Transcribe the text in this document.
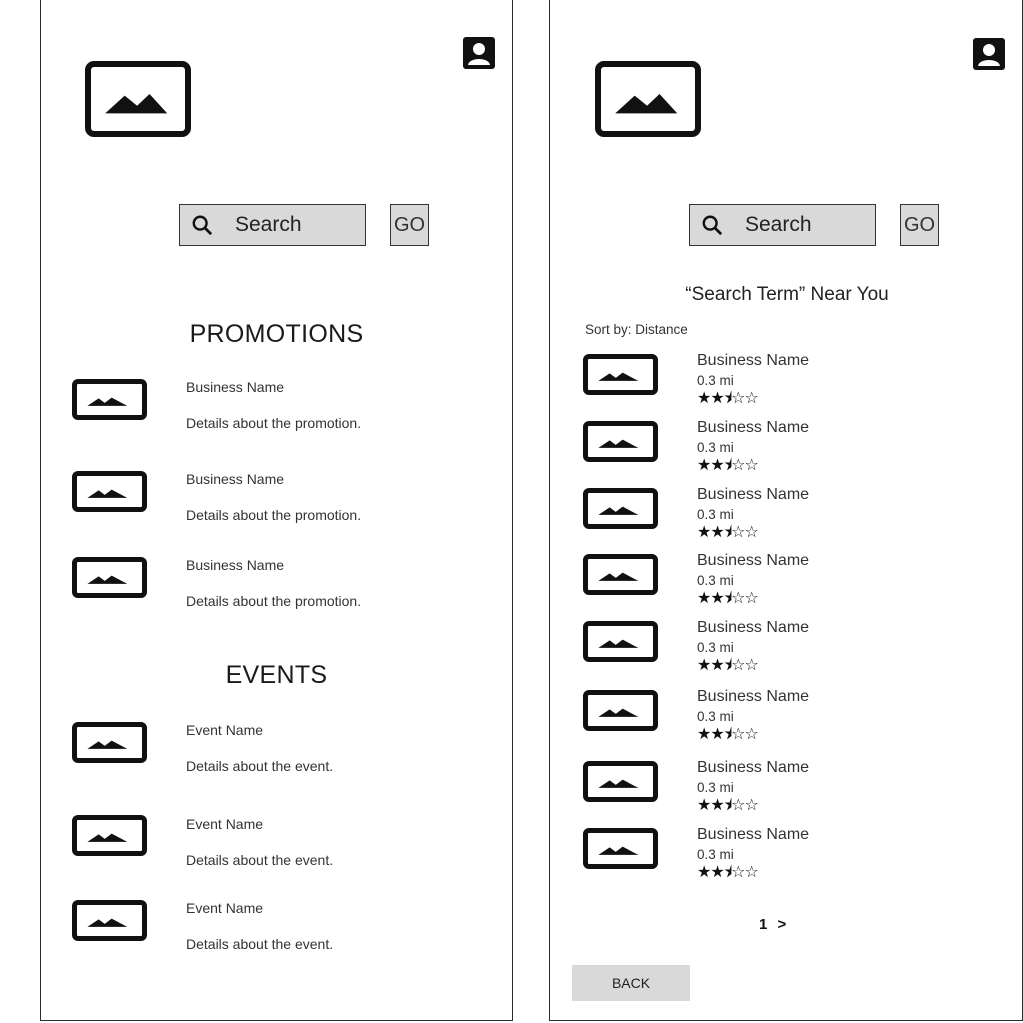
Search
GO
PROMOTIONS
Business Name
Details about the promotion.
Business Name
Details about the promotion.
Business Name
Details about the promotion.
EVENTS
Event Name
Details about the event.
Event Name
Details about the event.
Event Name
Details about the event.
Search
GO
“Search Term” Near You
Sort by: Distance
Business Name
0.3 mi
★★⯨☆☆
Business Name
0.3 mi
★★⯨☆☆
Business Name
0.3 mi
★★⯨☆☆
Business Name
0.3 mi
★★⯨☆☆
Business Name
0.3 mi
★★⯨☆☆
Business Name
0.3 mi
★★⯨☆☆
Business Name
0.3 mi
★★⯨☆☆
Business Name
0.3 mi
★★⯨☆☆
1 >
BACK
